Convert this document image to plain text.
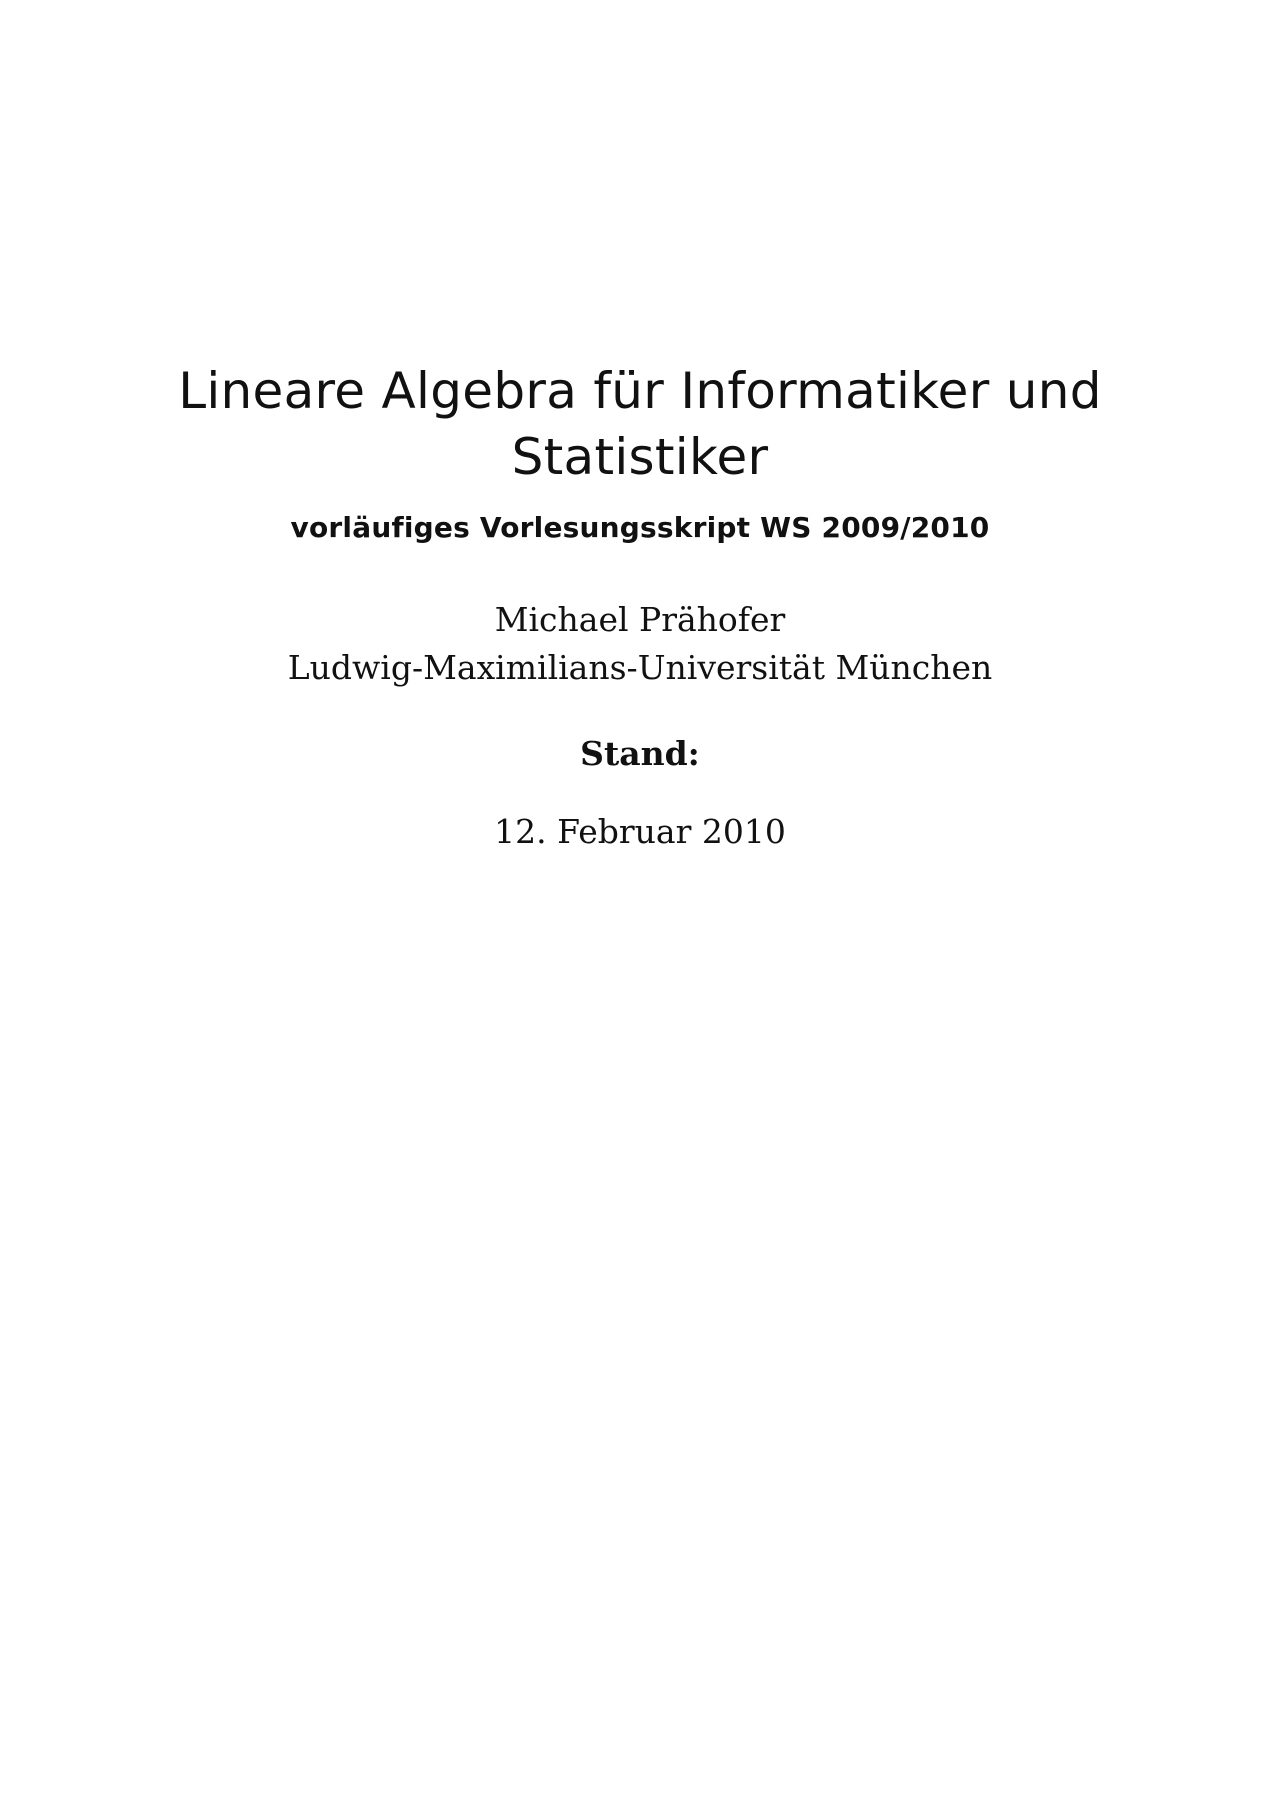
Lineare Algebra für Informatiker und Statistiker
vorläufiges Vorlesungsskript WS 2009/2010
Michael Prähofer
Ludwig-Maximilians-Universität München
Stand:
12. Februar 2010
